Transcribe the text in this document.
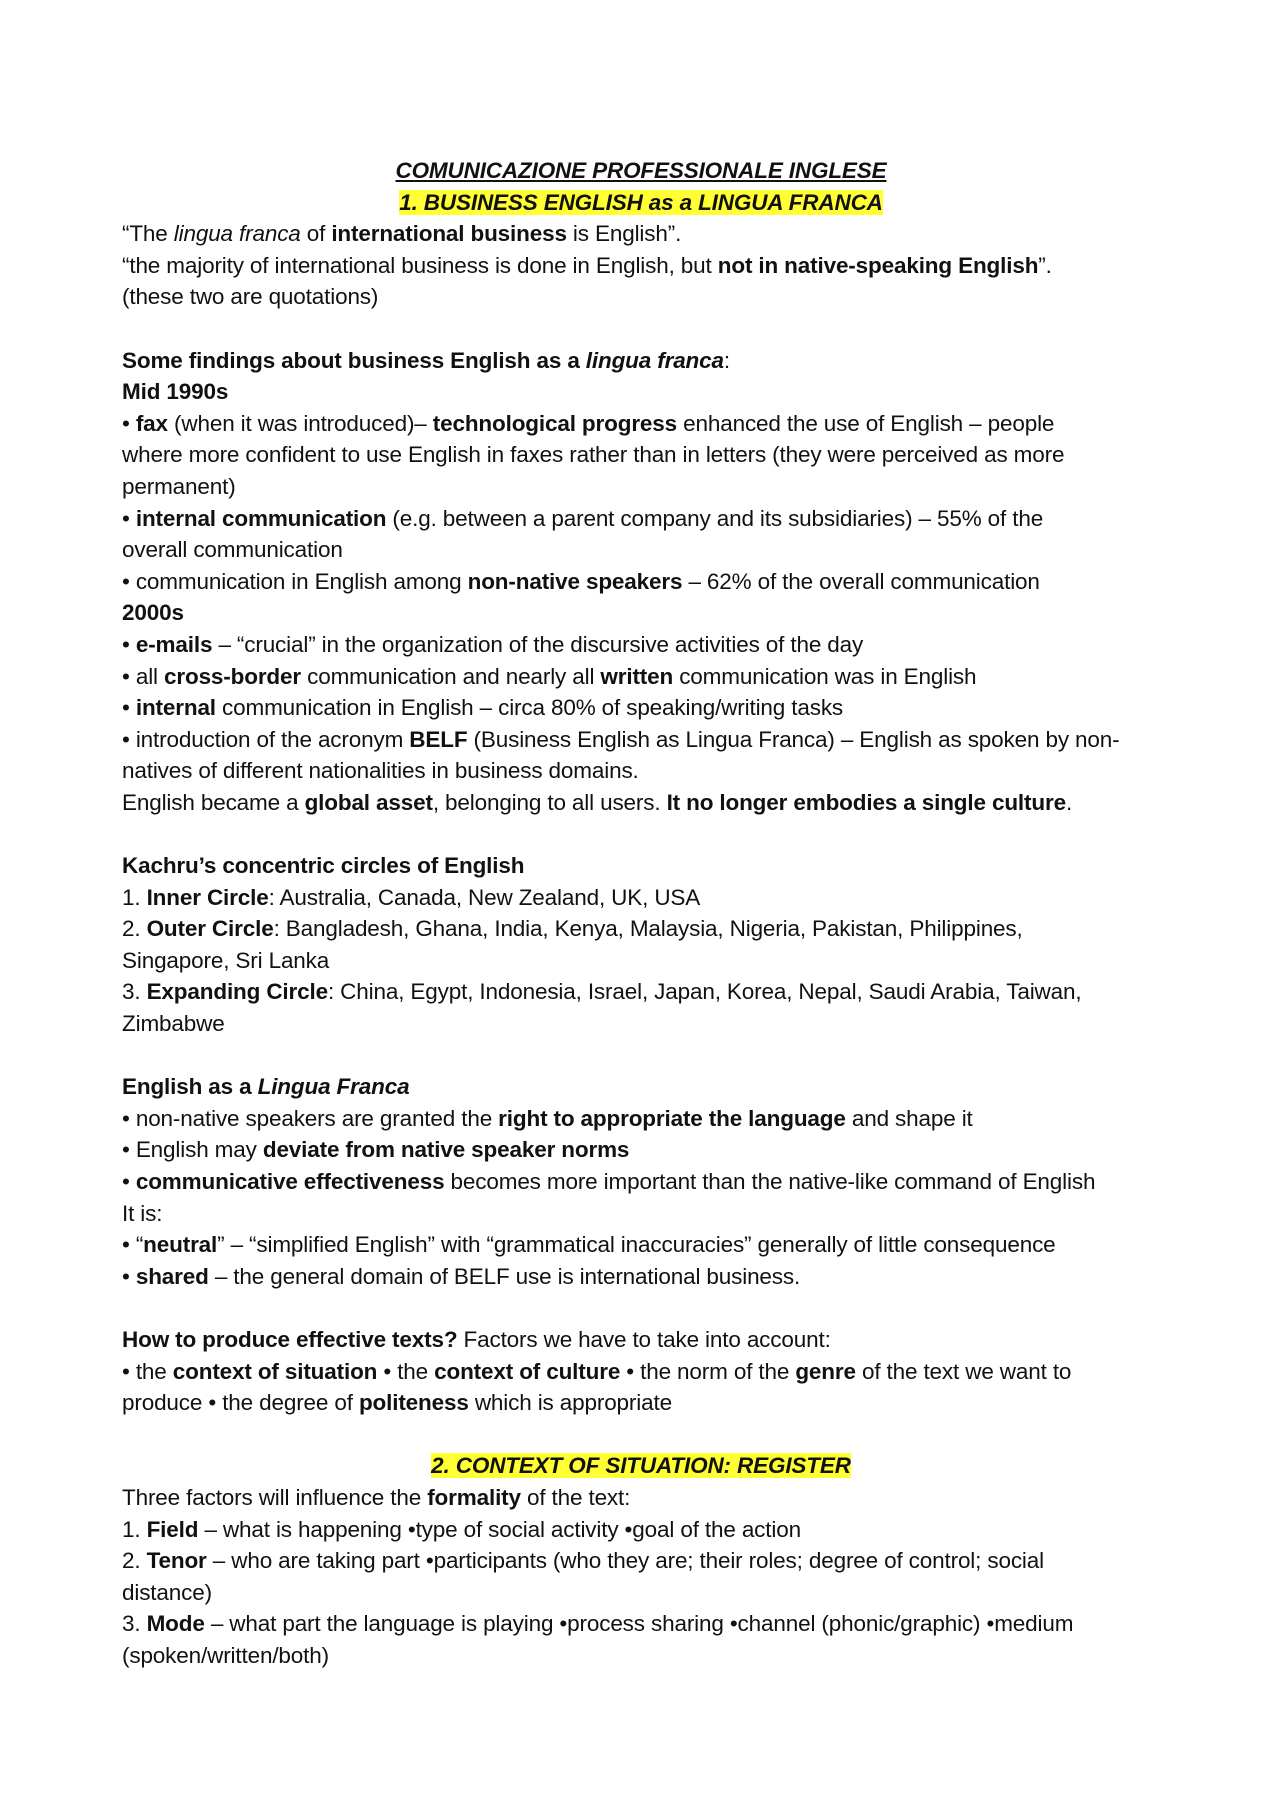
COMUNICAZIONE PROFESSIONALE INGLESE
1. BUSINESS ENGLISH as a LINGUA FRANCA
“The lingua franca of international business is English”.
“the majority of international business is done in English, but not in native-speaking English”.
(these two are quotations)
Some findings about business English as a lingua franca:
Mid 1990s
• fax (when it was introduced)– technological progress enhanced the use of English – people
where more confident to use English in faxes rather than in letters (they were perceived as more
permanent)
• internal communication (e.g. between a parent company and its subsidiaries) – 55% of the
overall communication
• communication in English among non-native speakers – 62% of the overall communication
2000s
• e-mails – “crucial” in the organization of the discursive activities of the day
• all cross-border communication and nearly all written communication was in English
• internal communication in English – circa 80% of speaking/writing tasks
• introduction of the acronym BELF (Business English as Lingua Franca) – English as spoken by non-
natives of different nationalities in business domains.
English became a global asset, belonging to all users. It no longer embodies a single culture.
Kachru’s concentric circles of English
1. Inner Circle: Australia, Canada, New Zealand, UK, USA
2. Outer Circle: Bangladesh, Ghana, India, Kenya, Malaysia, Nigeria, Pakistan, Philippines,
Singapore, Sri Lanka
3. Expanding Circle: China, Egypt, Indonesia, Israel, Japan, Korea, Nepal, Saudi Arabia, Taiwan,
Zimbabwe
English as a Lingua Franca
• non-native speakers are granted the right to appropriate the language and shape it
• English may deviate from native speaker norms
• communicative effectiveness becomes more important than the native-like command of English
It is:
• “neutral” – “simplified English” with “grammatical inaccuracies” generally of little consequence
• shared – the general domain of BELF use is international business.
How to produce effective texts? Factors we have to take into account:
• the context of situation • the context of culture • the norm of the genre of the text we want to
produce • the degree of politeness which is appropriate
2. CONTEXT OF SITUATION: REGISTER
Three factors will influence the formality of the text:
1. Field – what is happening •type of social activity •goal of the action
2. Tenor – who are taking part •participants (who they are; their roles; degree of control; social
distance)
3. Mode – what part the language is playing •process sharing •channel (phonic/graphic) •medium
(spoken/written/both)
